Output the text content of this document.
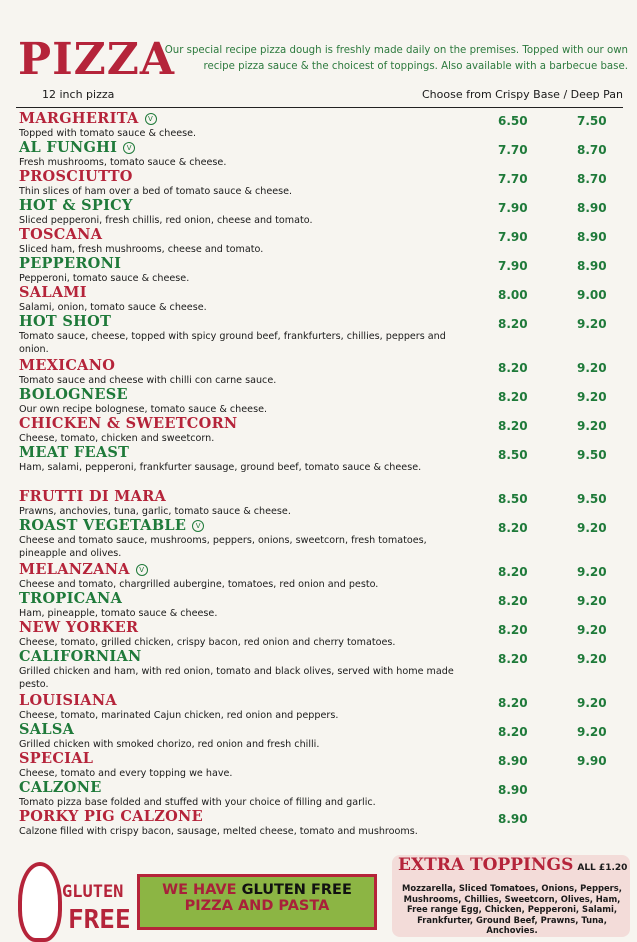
PIZZA

Our special recipe pizza dough is freshly made daily on the premises. Topped with our own recipe pizza sauce & the choicest of toppings. Also available with a barbecue base.

12 inch pizza	Choose from Crispy Base / Deep Pan
MARGHERITA V
Topped with tomato sauce & cheese.
6.50	7.50
AL FUNGHI V
Fresh mushrooms, tomato sauce & cheese.
7.70	8.70
PROSCIUTTO
Thin slices of ham over a bed of tomato sauce & cheese.
7.70	8.70
HOT & SPICY
Sliced pepperoni, fresh chillis, red onion, cheese and tomato.
7.90	8.90
TOSCANA
Sliced ham, fresh mushrooms, cheese and tomato.
7.90	8.90
PEPPERONI
Pepperoni, tomato sauce & cheese.
7.90	8.90
SALAMI
Salami, onion, tomato sauce & cheese.
8.00	9.00
HOT SHOT
Tomato sauce, cheese, topped with spicy ground beef, frankfurters, chillies, peppers and onion.
8.20	9.20
MEXICANO
Tomato sauce and cheese with chilli con carne sauce.
8.20	9.20
BOLOGNESE
Our own recipe bolognese, tomato sauce & cheese.
8.20	9.20
CHICKEN & SWEETCORN
Cheese, tomato, chicken and sweetcorn.
8.20	9.20
MEAT FEAST
Ham, salami, pepperoni, frankfurter sausage, ground beef, tomato sauce & cheese.
8.50	9.50
FRUTTI DI MARA
Prawns, anchovies, tuna, garlic, tomato sauce & cheese.
8.50	9.50
ROAST VEGETABLE V
Cheese and tomato sauce, mushrooms, peppers, onions, sweetcorn, fresh tomatoes, pineapple and olives.
8.20	9.20
MELANZANA V
Cheese and tomato, chargrilled aubergine, tomatoes, red onion and pesto.
8.20	9.20
TROPICANA
Ham, pineapple, tomato sauce & cheese.
8.20	9.20
NEW YORKER
Cheese, tomato, grilled chicken, crispy bacon, red onion and cherry tomatoes.
8.20	9.20
CALIFORNIAN
Grilled chicken and ham, with red onion, tomato and black olives, served with home made pesto.
8.20	9.20
LOUISIANA
Cheese, tomato, marinated Cajun chicken, red onion and peppers.
8.20	9.20
SALSA
Grilled chicken with smoked chorizo, red onion and fresh chilli.
8.20	9.20
SPECIAL
Cheese, tomato and every topping we have.
8.90	9.90
CALZONE
Tomato pizza base folded and stuffed with your choice of filling and garlic.
8.90
PORKY PIG CALZONE
Calzone filled with crispy bacon, sausage, melted cheese, tomato and mushrooms.
8.90
GLUTEN
FREE
WE HAVE GLUTEN FREE
PIZZA AND PASTA
EXTRA TOPPINGS ALL £1.20
Mozzarella, Sliced Tomatoes, Onions, Peppers, Mushrooms, Chillies, Sweetcorn, Olives, Ham, Free range Egg, Chicken, Pepperoni, Salami, Frankfurter, Ground Beef, Prawns, Tuna, Anchovies.
